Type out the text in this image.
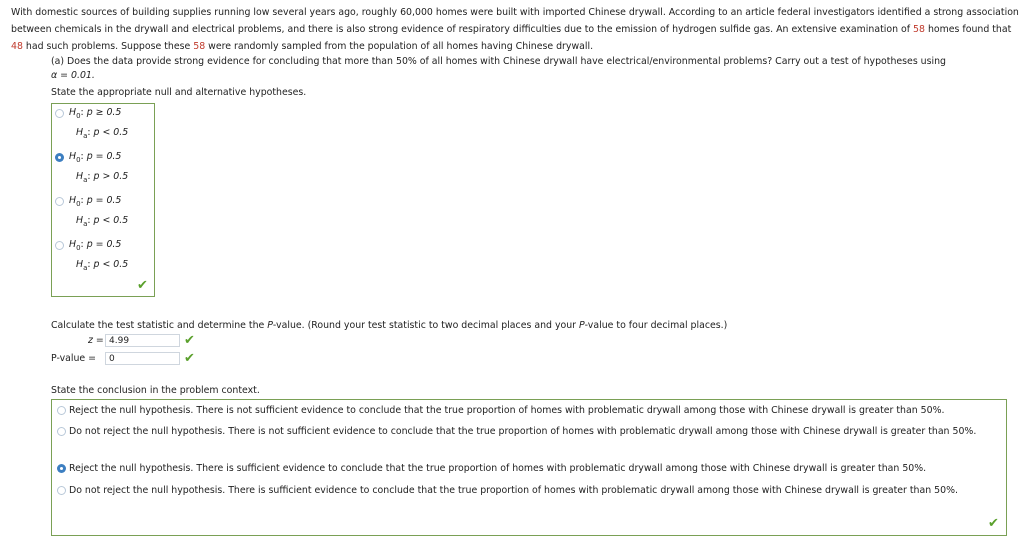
With domestic sources of building supplies running low several years ago, roughly 60,000 homes were built with imported Chinese drywall. According to an article federal investigators identified a strong association between chemicals in the drywall and electrical problems, and there is also strong evidence of respiratory difficulties due to the emission of hydrogen sulfide gas. An extensive examination of 58 homes found that 48 had such problems. Suppose these 58 were randomly sampled from the population of all homes having Chinese drywall.
(a) Does the data provide strong evidence for concluding that more than 50% of all homes with Chinese drywall have electrical/environmental problems? Carry out a test of hypotheses using
α = 0.01.
State the appropriate null and alternative hypotheses.
$H_0$: p ≥ 0.5
$H_a$: p < 0.5
$H_0$: p = 0.5
$H_a$: p > 0.5
$H_0$: p = 0.5
$H_a$: p < 0.5
$H_0$: p = 0.5
$H_a$: p < 0.5
✔
Calculate the test statistic and determine the P-value. (Round your test statistic to two decimal places and your P-value to four decimal places.)
z = 4.99	✔
P-value =	0	✔
State the conclusion in the problem context.
Reject the null hypothesis. There is not sufficient evidence to conclude that the true proportion of homes with problematic drywall among those with Chinese drywall is greater than 50%.
Do not reject the null hypothesis. There is not sufficient evidence to conclude that the true proportion of homes with problematic drywall among those with Chinese drywall is greater than 50%.
Reject the null hypothesis. There is sufficient evidence to conclude that the true proportion of homes with problematic drywall among those with Chinese drywall is greater than 50%.
Do not reject the null hypothesis. There is sufficient evidence to conclude that the true proportion of homes with problematic drywall among those with Chinese drywall is greater than 50%.
✔
